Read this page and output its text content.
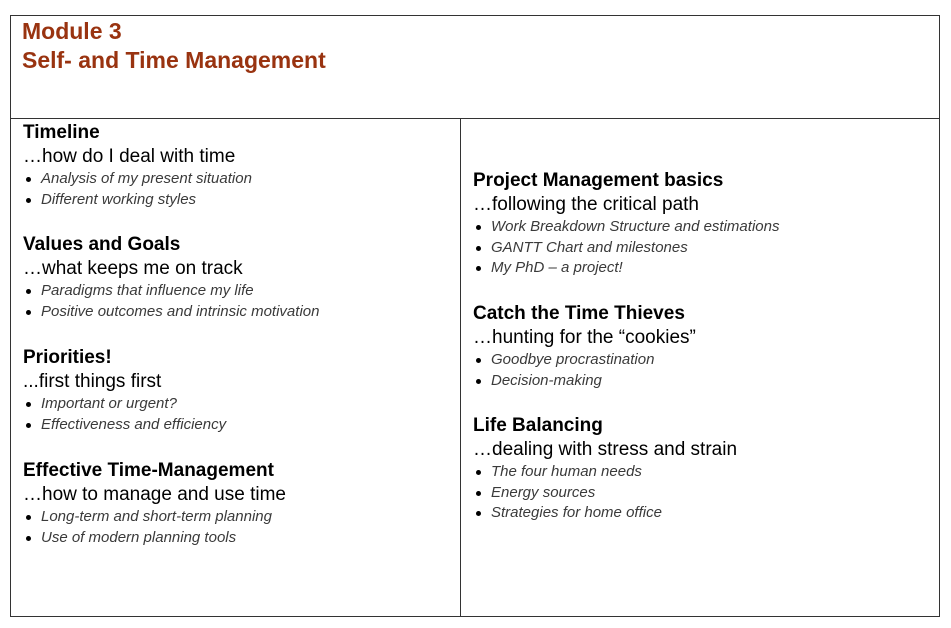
Module 3
Self- and Time Management

Timeline

…how do I deal with time

Analysis of my present situation
Different working styles

Values and Goals

…what keeps me on track

Paradigms that influence my life
Positive outcomes and intrinsic motivation

Priorities!

...first things first

Important or urgent?
Effectiveness and efficiency

Effective Time-Management

…how to manage and use time

Long-term and short-term planning
Use of modern planning tools

Project Management basics

…following the critical path

Work Breakdown Structure and estimations
GANTT Chart and milestones
My PhD – a project!

Catch the Time Thieves

…hunting for the “cookies”

Goodbye procrastination
Decision-making

Life Balancing

…dealing with stress and strain

The four human needs
Energy sources
Strategies for home office
